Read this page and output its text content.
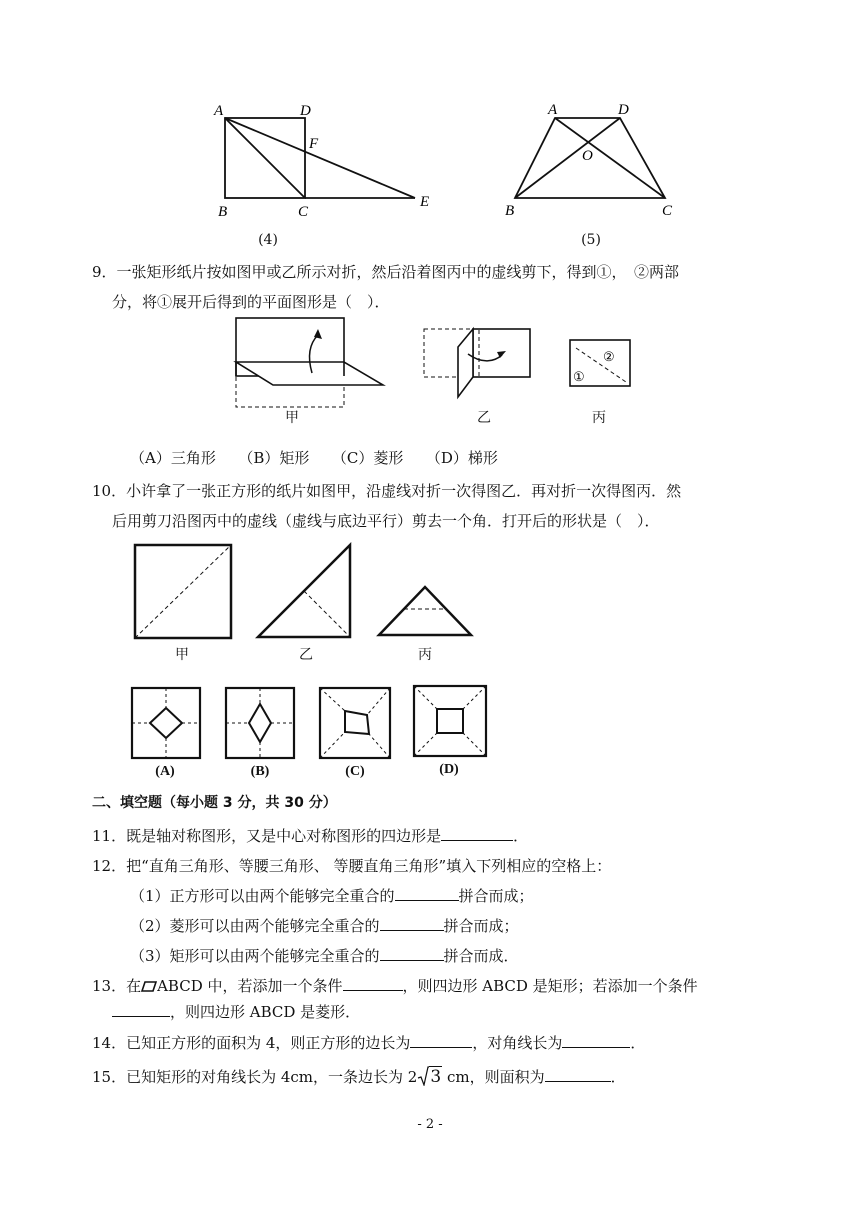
A	D
F
B	C
E
(4)
A	D
O
B	C
(5)
9．一张矩形纸片按如图甲或乙所示对折，然后沿着图丙中的虚线剪下，得到①，　②两部
分，将①展开后得到的平面图形是（　）．
甲	乙
①
②
丙
（A）三角形　　（B）矩形　　（C）菱形　　（D）梯形
10．小许拿了一张正方形的纸片如图甲，沿虚线对折一次得图乙．再对折一次得图丙．然
后用剪刀沿图丙中的虚线（虚线与底边平行）剪去一个角．打开后的形状是（　）．
甲	乙	丙
(A)	(B)	(C)	(D)
二、填空题（每小题 3 分，共 30 分）
11．既是轴对称图形，又是中心对称图形的四边形是	．
12．把“直角三角形、等腰三角形、 等腰直角三角形”填入下列相应的空格上：
（1）正方形可以由两个能够完全重合的	拼合而成；
（2）菱形可以由两个能够完全重合的	拼合而成；
（3）矩形可以由两个能够完全重合的	拼合而成．
13．在 ABCD 中，若添加一个条件	，则四边形 ABCD 是矩形；若添加一个条件
，则四边形 ABCD 是菱形．
14．已知正方形的面积为 4，则正方形的边长为	，对角线长为	．
15．已知矩形的对角线长为 4cm，一条边长为 2 3 cm，则面积为	．
- 2 -
